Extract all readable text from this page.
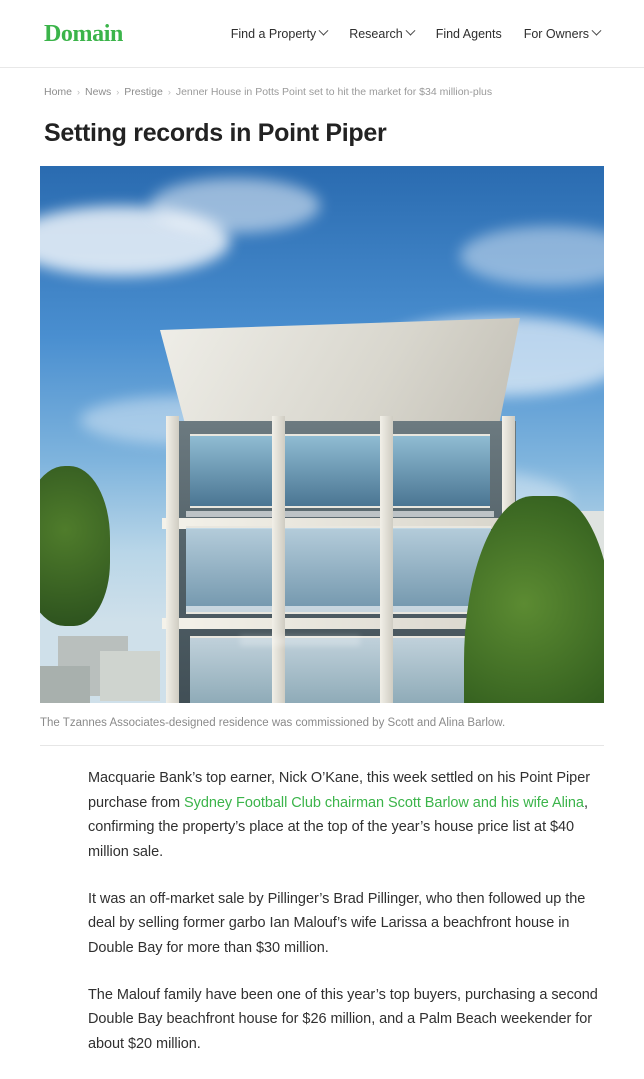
Domain	Find a Property	Research	Find Agents For Owners
Home › News › Prestige › Jenner House in Potts Point set to hit the market for $34 million-plus
Setting records in Point Piper
The Tzannes Associates-designed residence was commissioned by Scott and Alina Barlow.

Macquarie Bank’s top earner, Nick O’Kane, this week settled on his Point Piper purchase from Sydney Football Club chairman Scott Barlow and his wife Alina, confirming the property’s place at the top of the year’s house price list at $40 million sale.

It was an off-market sale by Pillinger’s Brad Pillinger, who then followed up the deal by selling former garbo Ian Malouf’s wife Larissa a beachfront house in Double Bay for more than $30 million.

The Malouf family have been one of this year’s top buyers, purchasing a second Double Bay beachfront house for $26 million, and a Palm Beach weekender for about $20 million.
